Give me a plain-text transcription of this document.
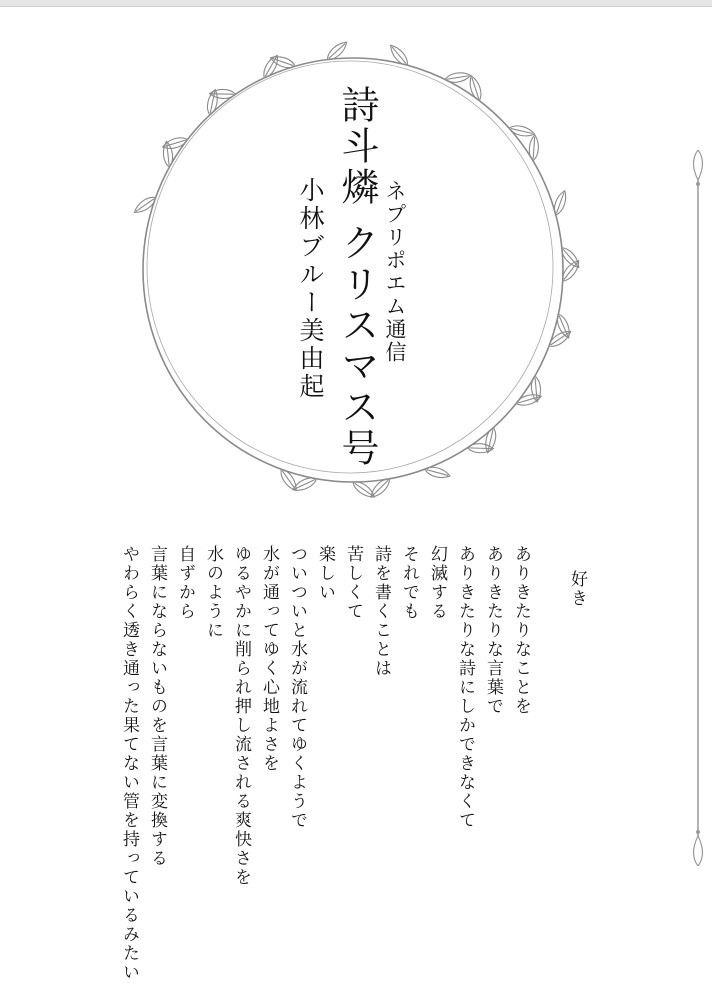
詩斗燐 クリスマス号 ネプリポエム通信
小林ブルー美由起
好き
ありきたりなことを
ありきたりな言葉で
ありきたりな詩にしかできなくて
幻滅する
それでも
詩を書くことは
苦しくて
楽しい
ついついと水が流れてゆくようで
水が通ってゆく心地よさを
ゆるやかに削られ押し流される爽快さを
水のように
自ずから
言葉にならないものを言葉に変換する
やわらく透き通った果てない管を持っているみたい
